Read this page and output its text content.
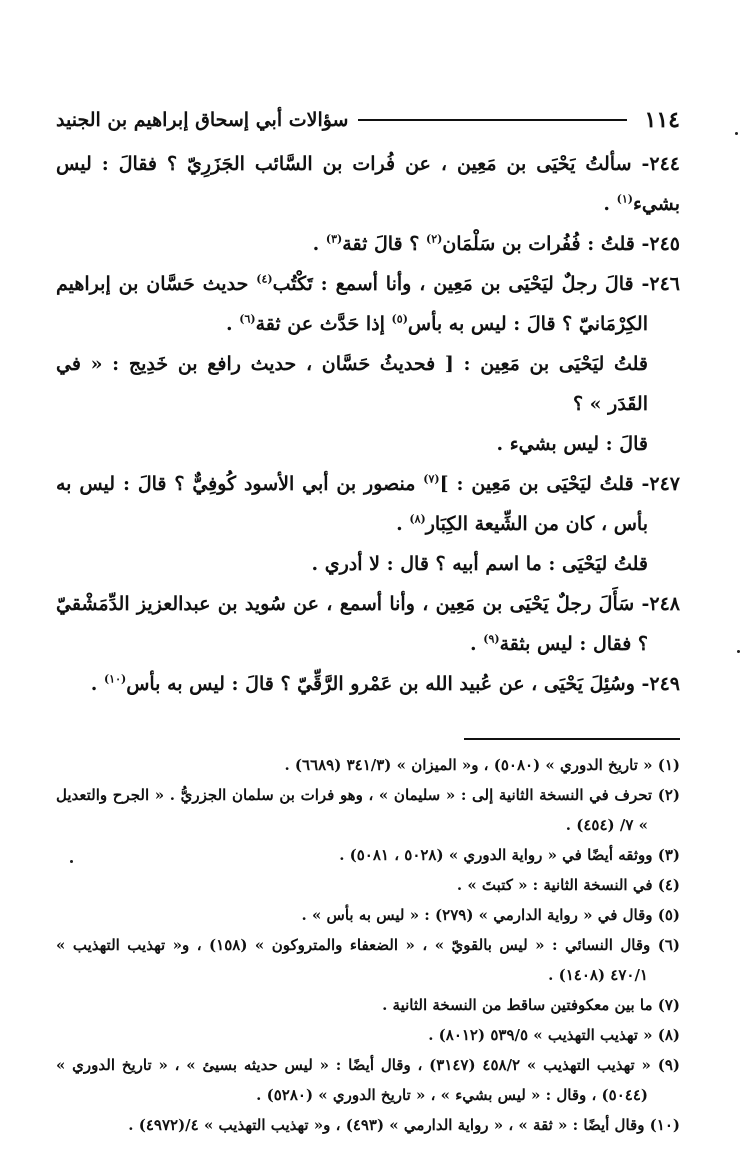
١١٤
سؤالات أبي إسحاق إبراهيم بن الجنيد

٢٤٤- سألتُ يَحْيَى بن مَعِين ، عن فُرات بن السَّائب الجَزَرِيّ ؟ فقالَ : ليس بشيء$^{(١)}$ .

٢٤٥- قلتُ : فُفُرات بن سَلْمَان$^{(٢)}$ ؟ قالَ ثقة$^{(٣)}$ .

٢٤٦- قالَ رجلٌ ليَحْيَى بن مَعِين ، وأنا أسمع : تَكْتُب$^{(٤)}$ حديث حَسَّان بن إبراهيم الكِرْمَانيّ ؟ قالَ : ليس به بأس$^{(٥)}$ إذا حَدَّث عن ثقة$^{(٦)}$ .

قلتُ ليَحْيَى بن مَعِين : [ فحديثُ حَسَّان ، حديث رافع بن خَدِيج : « في القَدَر » ؟

قالَ : ليس بشيء .

٢٤٧- قلتُ ليَحْيَى بن مَعِين : ]$^{(٧)}$ منصور بن أبي الأسود كُوفِيٌّ ؟ قالَ : ليس به بأس ، كان من الشِّيعة الكِبَار$^{(٨)}$ .

قلتُ ليَحْيَى : ما اسم أبيه ؟ قال : لا أدري .

٢٤٨- سَأَلَ رجلٌ يَحْيَى بن مَعِين ، وأنا أسمع ، عن سُويد بن عبدالعزيز الدِّمَشْقيّ ؟ فقال : ليس بثقة$^{(٩)}$ .

٢٤٩- وسُئِلَ يَحْيَى ، عن عُبيد الله بن عَمْرو الرَّقِّيّ ؟ قالَ : ليس به بأس$^{(١٠)}$ .

(١) « تاريخ الدوري » (٥٠٨٠) ، و« الميزان » (٣٤١/٣ (٦٦٨٩) .

(٢) تحرف في النسخة الثانية إلى : « سليمان » ، وهو فرات بن سلمان الجزريُّ . « الجرح والتعديل » ٧/ (٤٥٤) .

(٣) ووثقه أيضًا في « رواية الدوري » (٥٠٢٨ ، ٥٠٨١) .

(٤) في النسخة الثانية : « كتبتَ » .

(٥) وقال في « رواية الدارمي » (٢٧٩) : « ليس به بأس » .

(٦) وقال النسائي : « ليس بالقويّ » ، « الضعفاء والمتروكون » (١٥٨) ، و« تهذيب التهذيب » ٤٧٠/١ (١٤٠٨) .

(٧) ما بين معكوفتين ساقط من النسخة الثانية .

(٨) « تهذيب التهذيب » ٥٣٩/٥ (٨٠١٢) .

(٩) « تهذيب التهذيب » ٤٥٨/٢ (٣١٤٧) ، وقال أيضًا : « ليس حديثه بسيئ » ، « تاريخ الدوري » (٥٠٤٤) ، وقال : « ليس بشيء » ، « تاريخ الدوري » (٥٢٨٠) .

(١٠) وقال أيضًا : « ثقة » ، « رواية الدارمي » (٤٩٣) ، و« تهذيب التهذيب » ٤/(٤٩٧٢) .
